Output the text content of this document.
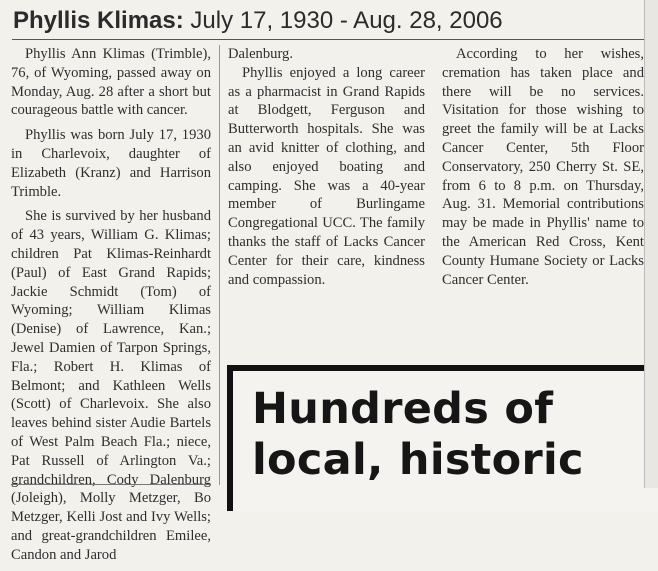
Phyllis Klimas: July 17, 1930 - Aug. 28, 2006

Phyllis Ann Klimas (Trimble), 76, of Wyoming, passed away on Monday, Aug. 28 after a short but courageous battle with cancer.

Phyllis was born July 17, 1930 in Charlevoix, daughter of Elizabeth (Kranz) and Harrison Trimble.

She is survived by her husband of 43 years, William G. Klimas; children Pat Klimas-Reinhardt (Paul) of East Grand Rapids; Jackie Schmidt (Tom) of Wyoming; William Klimas (Denise) of Lawrence, Kan.; Jewel Damien of Tarpon Springs, Fla.; Robert H. Klimas of Belmont; and Kathleen Wells (Scott) of Charlevoix. She also leaves behind sister Audie Bartels of West Palm Beach Fla.; niece, Pat Russell of Arlington Va.; grandchildren, Cody Dalenburg (Joleigh), Molly Metzger, Bo Metzger, Kelli Jost and Ivy Wells; and great-grandchildren Emilee, Candon and Jarod

Dalenburg.

Phyllis enjoyed a long career as a pharmacist in Grand Rapids at Blodgett, Ferguson and Butterworth hospitals. She was an avid knitter of clothing, and also enjoyed boating and camping. She was a 40-year member of Burlingame Congregational UCC. The family thanks the staff of Lacks Cancer Center for their care, kindness and compassion.

According to her wishes, cremation has taken place and there will be no services. Visitation for those wishing to greet the family will be at Lacks Cancer Center, 5th Floor Conservatory, 250 Cherry St. SE, from 6 to 8 p.m. on Thursday, Aug. 31. Memorial contributions may be made in Phyllis' name to the American Red Cross, Kent County Humane Society or Lacks Cancer Center.

Hundreds of
local, historic
